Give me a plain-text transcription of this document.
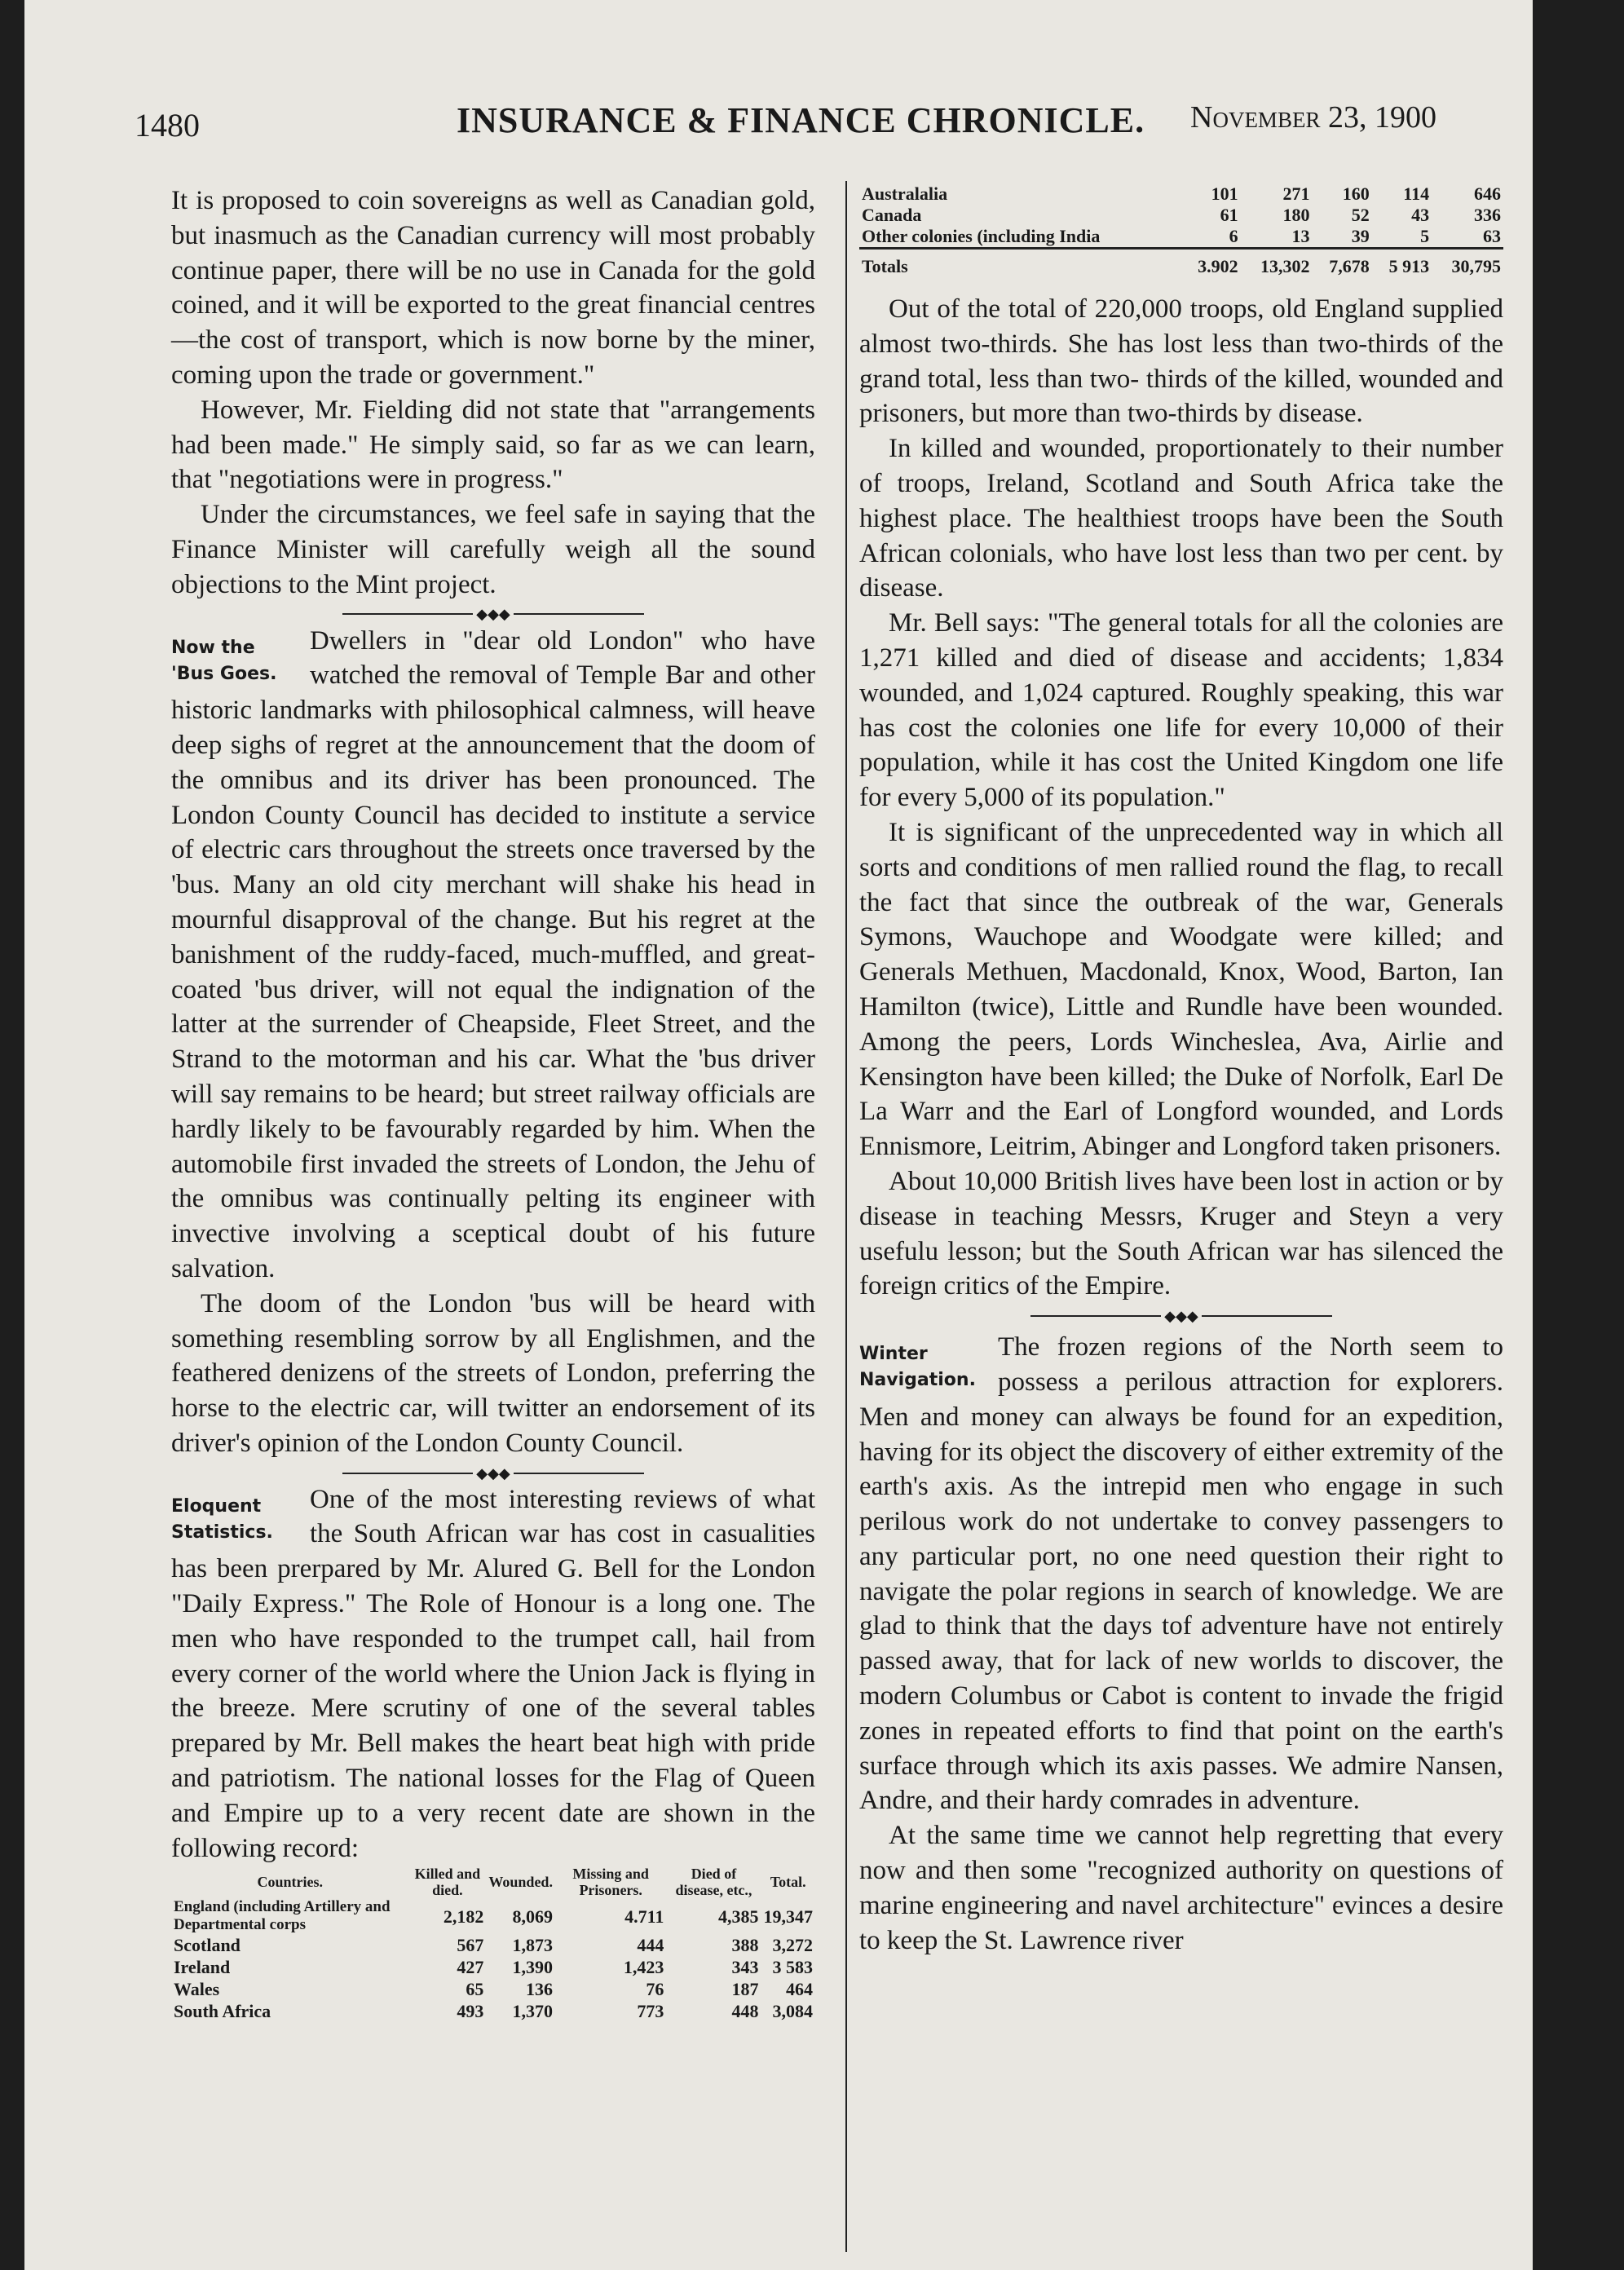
1480	INSURANCE & FINANCE CHRONICLE. November 23, 1900

It is proposed to coin sovereigns as well as Canadian gold, but inasmuch as the Canadian currency will most probably continue paper, there will be no use in Canada for the gold coined, and it will be exported to the great financial centres—the cost of transport, which is now borne by the miner, coming upon the trade or government."

However, Mr. Fielding did not state that "arrangements had been made." He simply said, so far as we can learn, that "negotiations were in progress."

Under the circumstances, we feel safe in saying that the Finance Minister will carefully weigh all the sound objections to the Mint project.

◆◆◆
Now the 'Bus Goes.

Dwellers in "dear old London" who have watched the removal of Temple Bar and other historic landmarks with philosophical calmness, will heave deep sighs of regret at the announcement that the doom of the omnibus and its driver has been pronounced. The London County Council has decided to institute a service of electric cars throughout the streets once traversed by the 'bus. Many an old city merchant will shake his head in mournful disapproval of the change. But his regret at the banishment of the ruddy-faced, much-muffled, and great-coated 'bus driver, will not equal the indignation of the latter at the surrender of Cheapside, Fleet Street, and the Strand to the motorman and his car. What the 'bus driver will say remains to be heard; but street railway officials are hardly likely to be favourably regarded by him. When the automobile first invaded the streets of London, the Jehu of the omnibus was continually pelting its engineer with invective involving a sceptical doubt of his future salvation.

The doom of the London 'bus will be heard with something resembling sorrow by all Englishmen, and the feathered denizens of the streets of London, preferring the horse to the electric car, will twitter an endorsement of its driver's opinion of the London County Council.

◆◆◆
Eloquent Statistics.

One of the most interesting reviews of what the South African war has cost in casualities has been prerpared by Mr. Alured G. Bell for the London "Daily Express." The Role of Honour is a long one. The men who have responded to the trumpet call, hail from every corner of the world where the Union Jack is flying in the breeze. Mere scrutiny of one of the several tables prepared by Mr. Bell makes the heart beat high with pride and patriotism. The national losses for the Flag of Queen and Empire up to a very recent date are shown in the following record:

Countries.	Killed and died.	Wounded.	Missing and Prisoners.	Died of disease, etc.,	Total.
England (including Artillery and Departmental corps	2,182	8,069	4.711	4,385	19,347
Scotland	567	1,873	444	388	3,272
Ireland	427	1,390	1,423	343	3 583
Wales	65	136	76	187	464
South Africa	493	1,370	773	448	3,084
Australalia	101	271	160	114	646
Canada	61	180	52	43	336
Other colonies (including India	6	13	39	5	63
Totals	3.902	13,302	7,678	5 913	30,795

Out of the total of 220,000 troops, old England supplied almost two-thirds. She has lost less than two-thirds of the grand total, less than two- thirds of the killed, wounded and prisoners, but more than two-thirds by disease.

In killed and wounded, proportionately to their number of troops, Ireland, Scotland and South Africa take the highest place. The healthiest troops have been the South African colonials, who have lost less than two per cent. by disease.

Mr. Bell says: "The general totals for all the colonies are 1,271 killed and died of disease and accidents; 1,834 wounded, and 1,024 captured. Roughly speaking, this war has cost the colonies one life for every 10,000 of their population, while it has cost the United Kingdom one life for every 5,000 of its population."

It is significant of the unprecedented way in which all sorts and conditions of men rallied round the flag, to recall the fact that since the outbreak of the war, Generals Symons, Wauchope and Woodgate were killed; and Generals Methuen, Macdonald, Knox, Wood, Barton, Ian Hamilton (twice), Little and Rundle have been wounded. Among the peers, Lords Wincheslea, Ava, Airlie and Kensington have been killed; the Duke of Norfolk, Earl De La Warr and the Earl of Longford wounded, and Lords Ennismore, Leitrim, Abinger and Longford taken prisoners.

About 10,000 British lives have been lost in action or by disease in teaching Messrs, Kruger and Steyn a very usefulu lesson; but the South African war has silenced the foreign critics of the Empire.

◆◆◆
Winter Navigation.

The frozen regions of the North seem to possess a perilous attraction for explorers. Men and money can always be found for an expedition, having for its object the discovery of either extremity of the earth's axis. As the intrepid men who engage in such perilous work do not undertake to convey passengers to any particular port, no one need question their right to navigate the polar regions in search of knowledge. We are glad to think that the days tof adventure have not entirely passed away, that for lack of new worlds to discover, the modern Columbus or Cabot is content to invade the frigid zones in repeated efforts to find that point on the earth's surface through which its axis passes. We admire Nansen, Andre, and their hardy comrades in adventure.

At the same time we cannot help regretting that every now and then some "recognized authority on questions of marine engineering and navel architecture" evinces a desire to keep the St. Lawrence river
